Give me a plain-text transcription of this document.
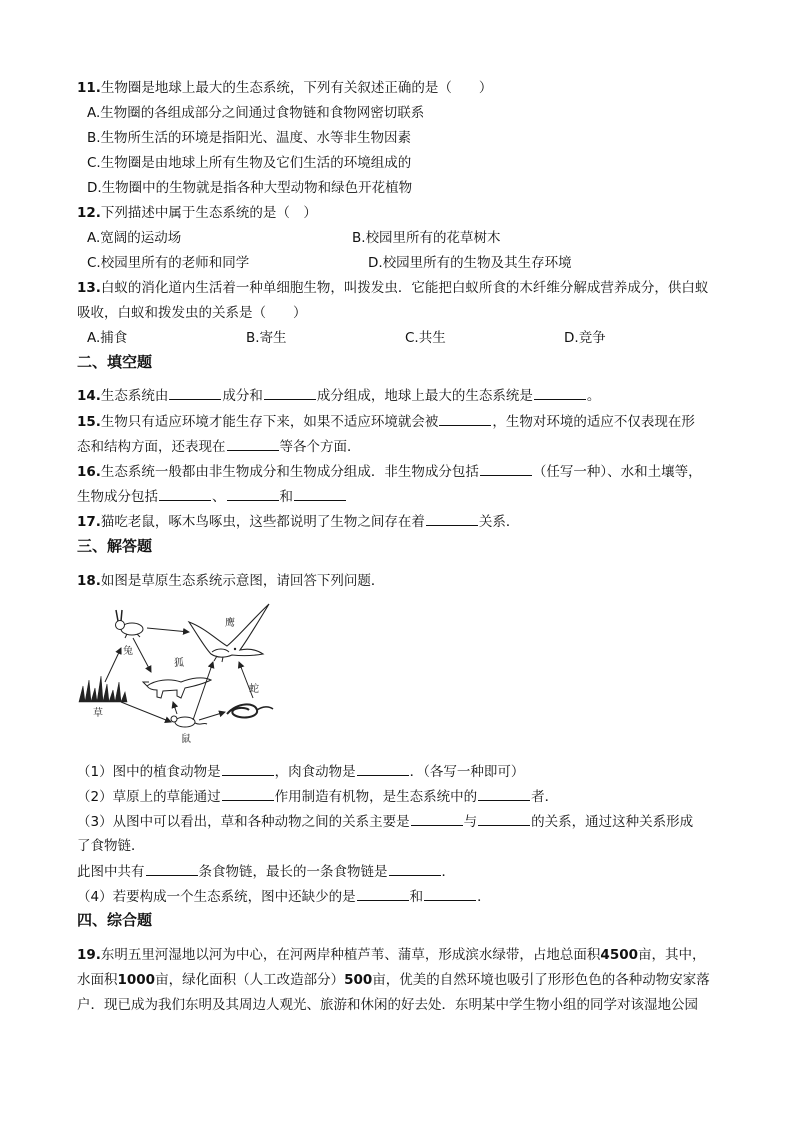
11.生物圈是地球上最大的生态系统，下列有关叙述正确的是（　　）
A.生物圈的各组成部分之间通过食物链和食物网密切联系
B.生物所生活的环境是指阳光、温度、水等非生物因素
C.生物圈是由地球上所有生物及它们生活的环境组成的
D.生物圈中的生物就是指各种大型动物和绿色开花植物
12.下列描述中属于生态系统的是（　）
A.宽阔的运动场	B.校园里所有的花草树木
C.校园里所有的老师和同学	D.校园里所有的生物及其生存环境
13.白蚁的消化道内生活着一种单细胞生物，叫拨发虫．它能把白蚁所食的木纤维分解成营养成分，供白蚁
吸收，白蚁和拨发虫的关系是（　　）
A.捕食	B.寄生	C.共生	D.竞争
二、填空题
14.生态系统由	成分和	成分组成，地球上最大的生态系统是	。
15.生物只有适应环境才能生存下来，如果不适应环境就会被	，生物对环境的适应不仅表现在形
态和结构方面，还表现在	等各个方面．
16.生态系统一般都由非生物成分和生物成分组成．非生物成分包括	（任写一种）、水和土壤等，
生物成分包括	、	和
17.猫吃老鼠，啄木鸟啄虫，这些都说明了生物之间存在着	关系．
三、解答题
18.如图是草原生态系统示意图，请回答下列问题．
鹰
兔
狐
蛇
草
鼠
（1）图中的植食动物是	，肉食动物是	．（各写一种即可）
（2）草原上的草能通过	作用制造有机物，是生态系统中的	者．
（3）从图中可以看出，草和各种动物之间的关系主要是	与	的关系，通过这种关系形成
了食物链．
此图中共有	条食物链，最长的一条食物链是	．
（4）若要构成一个生态系统，图中还缺少的是	和	．
四、综合题
19.东明五里河湿地以河为中心，在河两岸种植芦苇、蒲草，形成滨水绿带，占地总面积4500亩，其中，
水面积1000亩，绿化面积（人工改造部分）500亩，优美的自然环境也吸引了形形色色的各种动物安家落
户．现已成为我们东明及其周边人观光、旅游和休闲的好去处．东明某中学生物小组的同学对该湿地公园
